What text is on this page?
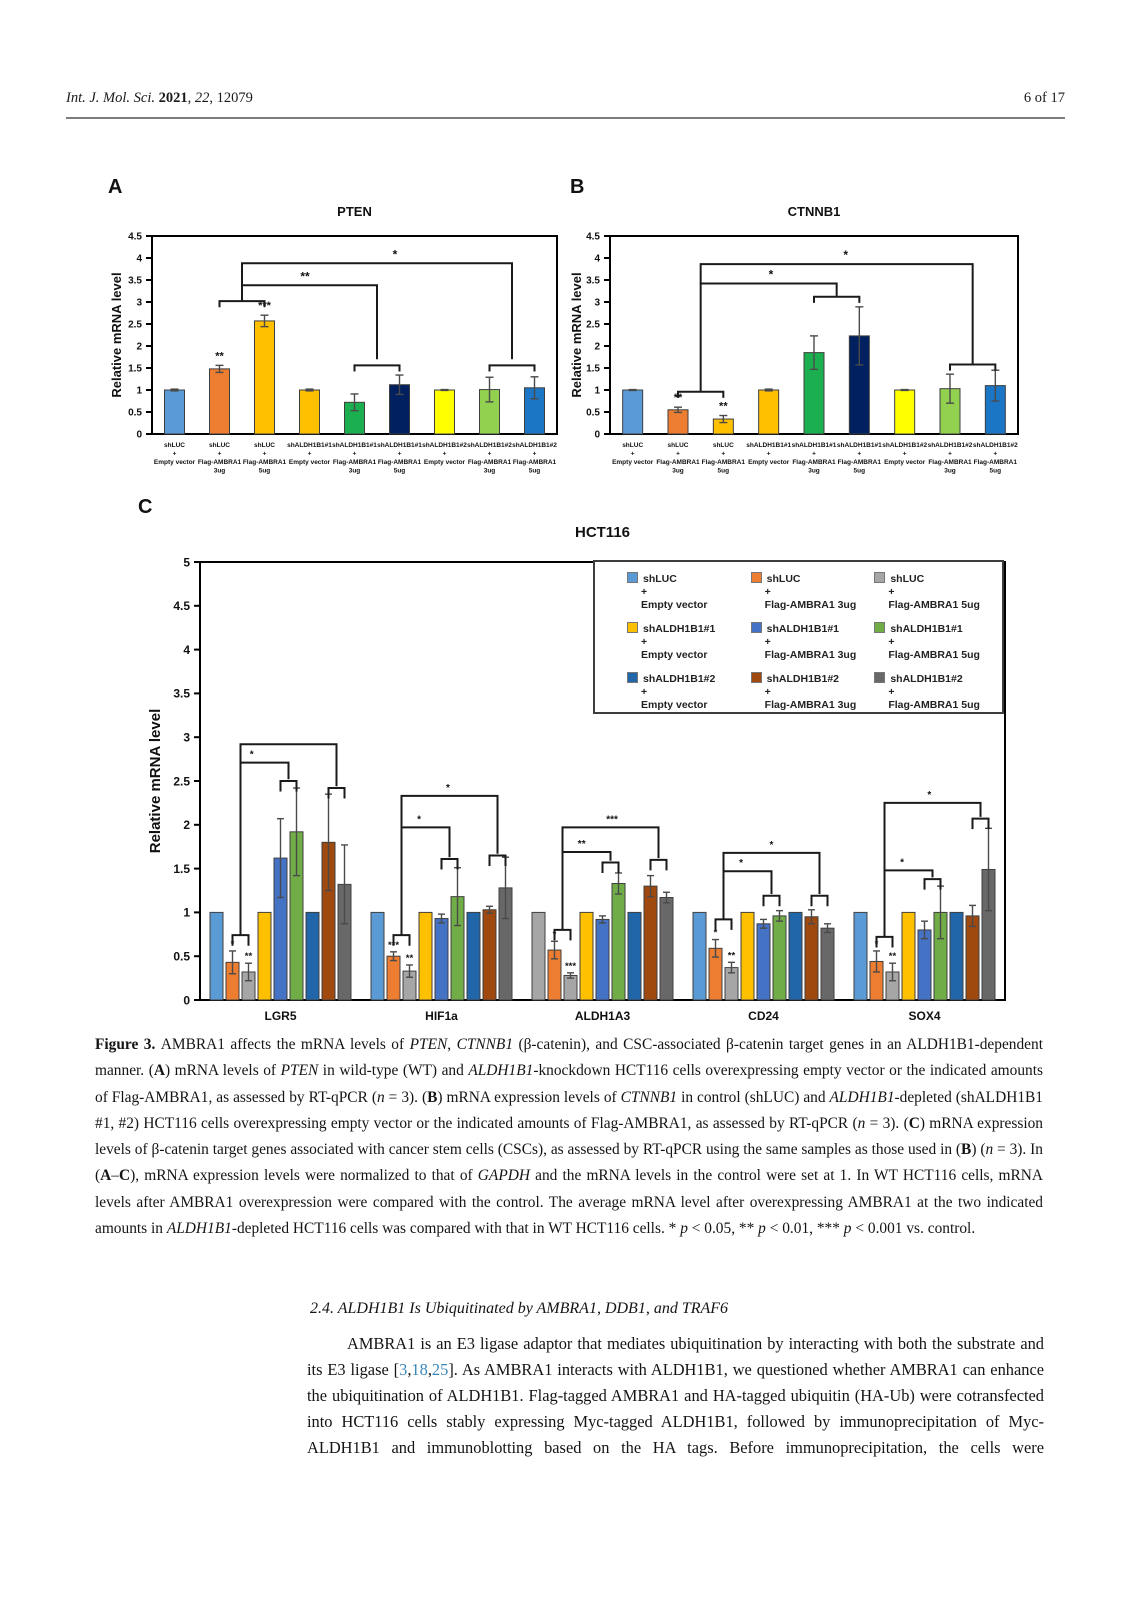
Int. J. Mol. Sci. 2021, 22, 12079	6 of 17
A	B
C
0
0.5
1
1.5
2
2.5
3
3.5
4
4.5
PTEN
Relative mRNA level
shLUC + Empty vector
**
shLUC + Flag-AMBRA1 3ug
***
shLUC + Flag-AMBRA1 5ug
shALDH1B1#1 + Empty vector
shALDH1B1#1 + Flag-AMBRA1 3ug
shALDH1B1#1 + Flag-AMBRA1 5ug
shALDH1B1#2 + Empty vector
shALDH1B1#2 + Flag-AMBRA1 3ug
shALDH1B1#2 + Flag-AMBRA1 5ug
**
*
0
0.5
1
1.5
2
2.5
3
3.5
4
4.5
CTNNB1
Relative mRNA level
shLUC + Empty vector
**
shLUC + Flag-AMBRA1 3ug
**
shLUC + Flag-AMBRA1 5ug
shALDH1B1#1 + Empty vector
shALDH1B1#1 + Flag-AMBRA1 3ug
shALDH1B1#1 + Flag-AMBRA1 5ug
shALDH1B1#2 + Empty vector
shALDH1B1#2 + Flag-AMBRA1 3ug
shALDH1B1#2 + Flag-AMBRA1 5ug
*
*
0
0.5
1
1.5
2
2.5
3
3.5
4
4.5
5
HCT116
Relative mRNA level
*
**
LGR5
***
**
HIF1a
*
***
ALDH1A3
*
**
CD24
*
**
SOX4
*
*
*
**
***
*
*
*
*
shLUC
+
Empty vector
shLUC
+
Flag-AMBRA1 3ug
shLUC
+
Flag-AMBRA1 5ug
shALDH1B1#1
+
Empty vector
shALDH1B1#1
+
Flag-AMBRA1 3ug
shALDH1B1#1
+
Flag-AMBRA1 5ug
shALDH1B1#2
+
Empty vector
shALDH1B1#2
+
Flag-AMBRA1 3ug
shALDH1B1#2
+
Flag-AMBRA1 5ug
Figure 3. AMBRA1 affects the mRNA levels of PTEN, CTNNB1 (β-catenin), and CSC-associated β-catenin target genes in an ALDH1B1-dependent manner. (A) mRNA levels of PTEN in wild-type (WT) and ALDH1B1-knockdown HCT116 cells overexpressing empty vector or the indicated amounts of Flag-AMBRA1, as assessed by RT-qPCR (n = 3). (B) mRNA expression levels of CTNNB1 in control (shLUC) and ALDH1B1-depleted (shALDH1B1 #1, #2) HCT116 cells overexpressing empty vector or the indicated amounts of Flag-AMBRA1, as assessed by RT-qPCR (n = 3). (C) mRNA expression levels of β-catenin target genes associated with cancer stem cells (CSCs), as assessed by RT-qPCR using the same samples as those used in (B) (n = 3). In (A–C), mRNA expression levels were normalized to that of GAPDH and the mRNA levels in the control were set at 1. In WT HCT116 cells, mRNA levels after AMBRA1 overexpression were compared with the control. The average mRNA level after overexpressing AMBRA1 at the two indicated amounts in ALDH1B1-depleted HCT116 cells was compared with that in WT HCT116 cells. * p < 0.05, ** p < 0.01, *** p < 0.001 vs. control.
2.4. ALDH1B1 Is Ubiquitinated by AMBRA1, DDB1, and TRAF6
AMBRA1 is an E3 ligase adaptor that mediates ubiquitination by interacting with both the substrate and its E3 ligase [3,18,25]. As AMBRA1 interacts with ALDH1B1, we questioned whether AMBRA1 can enhance the ubiquitination of ALDH1B1. Flag-tagged AMBRA1 and HA-tagged ubiquitin (HA-Ub) were cotransfected into HCT116 cells stably expressing Myc-tagged ALDH1B1, followed by immunoprecipitation of Myc-ALDH1B1 and immunoblotting based on the HA tags. Before immunoprecipitation, the cells were
